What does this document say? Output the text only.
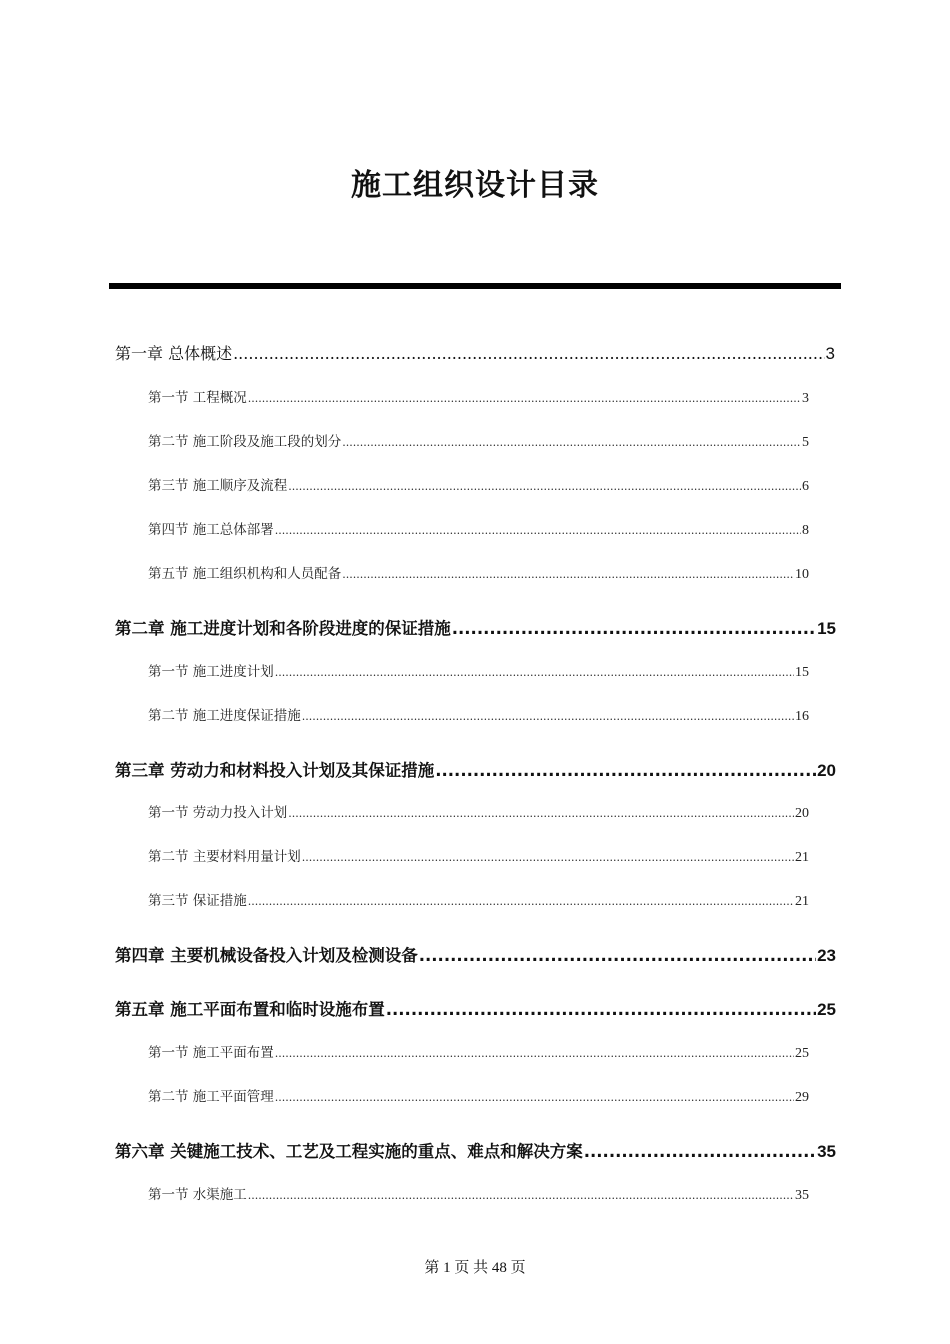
施工组织设计目录
第一章 总体概述 .....	3
第一节 工程概况 .....	3
第二节 施工阶段及施工段的划分 .....	5
第三节 施工顺序及流程 .....	6
第四节 施工总体部署 .....	8
第五节 施工组织机构和人员配备 .....	10
第二章 施工进度计划和各阶段进度的保证措施 .....	15
第一节 施工进度计划 .....	15
第二节 施工进度保证措施 .....	16
第三章 劳动力和材料投入计划及其保证措施 .....	20
第一节 劳动力投入计划 .....	20
第二节 主要材料用量计划 .....	21
第三节 保证措施 .....	21
第四章 主要机械设备投入计划及检测设备 .....	23
第五章 施工平面布置和临时设施布置 .....	25
第一节 施工平面布置 .....	25
第二节 施工平面管理 .....	29
第六章 关键施工技术、工艺及工程实施的重点、难点和解决方案 .....	35
第一节 水渠施工 .....	35
第 1 页 共 48 页
